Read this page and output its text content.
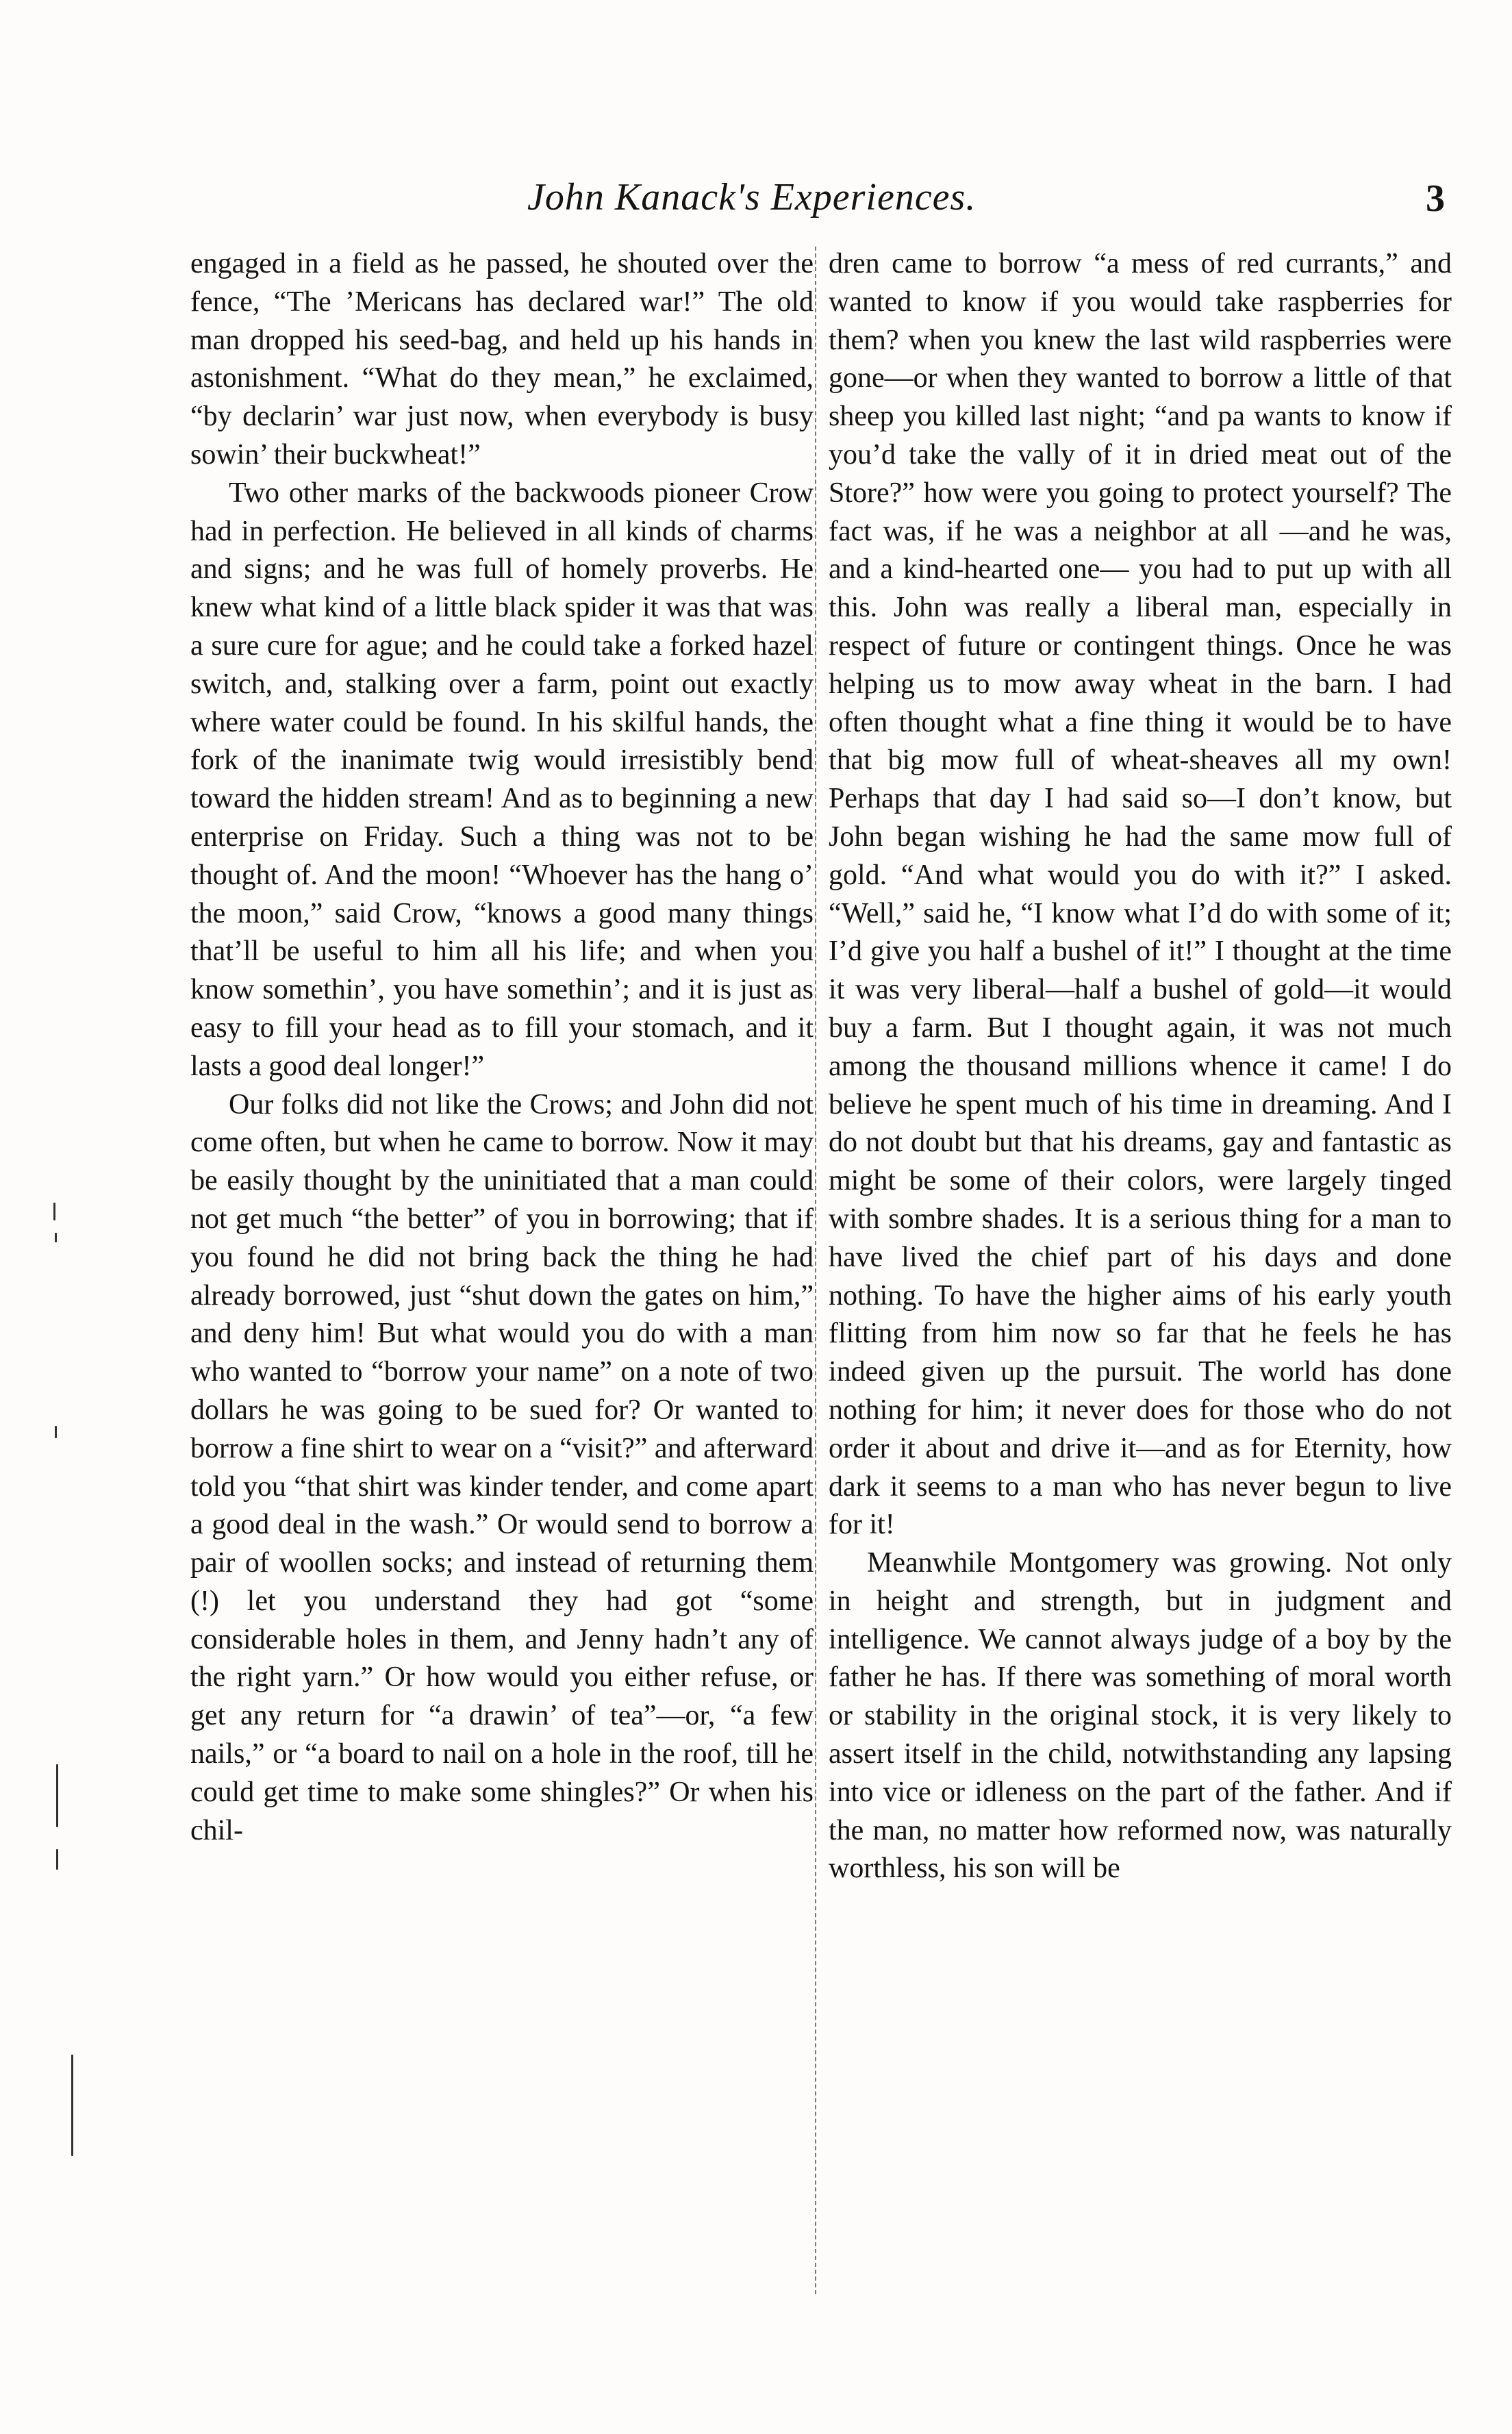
John Kanack's Experiences.	3

engaged in a field as he passed, he shouted over the fence, “The ’Mericans has declared war!” The old man dropped his seed-bag, and held up his hands in astonishment. “What do they mean,” he exclaimed, “by declarin’ war just now, when everybody is busy sowin’ their buckwheat!”

Two other marks of the backwoods pioneer Crow had in perfection. He believed in all kinds of charms and signs; and he was full of homely proverbs. He knew what kind of a little black spider it was that was a sure cure for ague; and he could take a forked hazel switch, and, stalking over a farm, point out exactly where water could be found. In his skilful hands, the fork of the inanimate twig would irresistibly bend toward the hidden stream! And as to beginning a new enterprise on Friday. Such a thing was not to be thought of. And the moon! “Whoever has the hang o’ the moon,” said Crow, “knows a good many things that’ll be useful to him all his life; and when you know somethin’, you have somethin’; and it is just as easy to fill your head as to fill your stomach, and it lasts a good deal longer!”

Our folks did not like the Crows; and John did not come often, but when he came to borrow. Now it may be easily thought by the uninitiated that a man could not get much “the better” of you in borrowing; that if you found he did not bring back the thing he had already borrowed, just “shut down the gates on him,” and deny him! But what would you do with a man who wanted to “borrow your name” on a note of two dollars he was going to be sued for? Or wanted to borrow a fine shirt to wear on a “visit?” and afterward told you “that shirt was kinder tender, and come apart a good deal in the wash.” Or would send to borrow a pair of woollen socks; and instead of returning them (!) let you understand they had got “some considerable holes in them, and Jenny hadn’t any of the right yarn.” Or how would you either refuse, or get any return for “a drawin’ of tea”—or, “a few nails,” or “a board to nail on a hole in the roof, till he could get time to make some shingles?” Or when his chil-

dren came to borrow “a mess of red currants,” and wanted to know if you would take raspberries for them? when you knew the last wild raspberries were gone—or when they wanted to borrow a little of that sheep you killed last night; “and pa wants to know if you’d take the vally of it in dried meat out of the Store?” how were you going to protect yourself? The fact was, if he was a neighbor at all —and he was, and a kind-hearted one— you had to put up with all this. John was really a liberal man, especially in respect of future or contingent things. Once he was helping us to mow away wheat in the barn. I had often thought what a fine thing it would be to have that big mow full of wheat-sheaves all my own! Perhaps that day I had said so—I don’t know, but John began wishing he had the same mow full of gold. “And what would you do with it?” I asked. “Well,” said he, “I know what I’d do with some of it; I’d give you half a bushel of it!” I thought at the time it was very liberal—half a bushel of gold—it would buy a farm. But I thought again, it was not much among the thousand millions whence it came! I do believe he spent much of his time in dreaming. And I do not doubt but that his dreams, gay and fantastic as might be some of their colors, were largely tinged with sombre shades. It is a serious thing for a man to have lived the chief part of his days and done nothing. To have the higher aims of his early youth flitting from him now so far that he feels he has indeed given up the pursuit. The world has done nothing for him; it never does for those who do not order it about and drive it—and as for Eternity, how dark it seems to a man who has never begun to live for it!

Meanwhile Montgomery was growing. Not only in height and strength, but in judgment and intelligence. We cannot always judge of a boy by the father he has. If there was something of moral worth or stability in the original stock, it is very likely to assert itself in the child, notwithstanding any lapsing into vice or idleness on the part of the father. And if the man, no matter how reformed now, was naturally worthless, his son will be
